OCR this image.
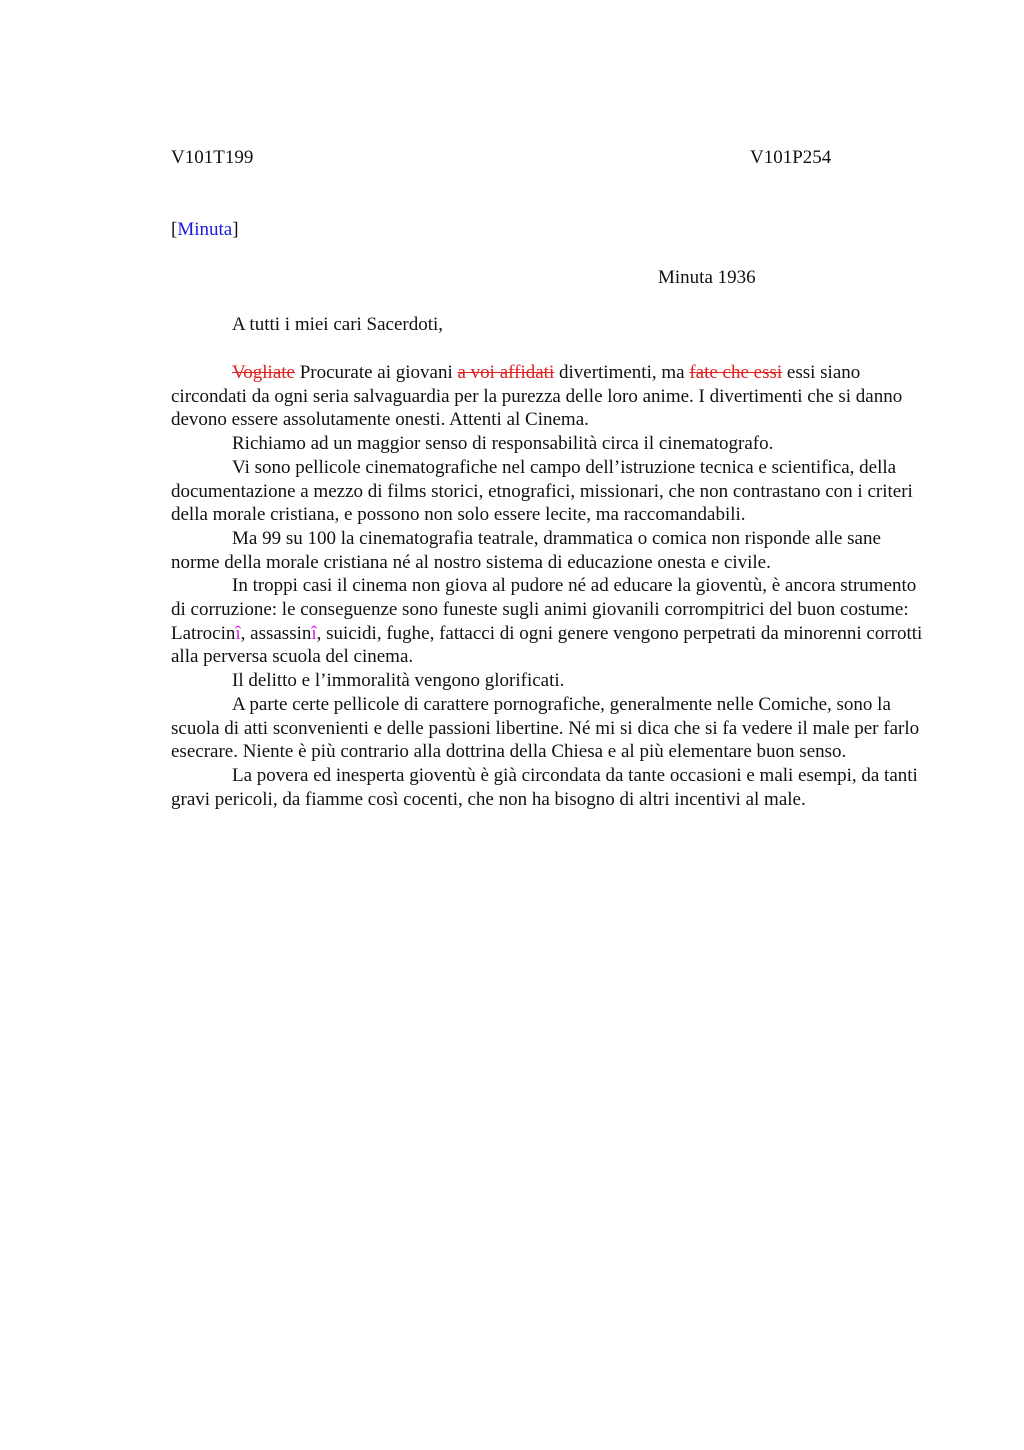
V101T199	V101P254
[Minuta]
Minuta 1936
A tutti i miei cari Sacerdoti,

Vogliate Procurate ai giovani a voi affidati divertimenti, ma fate che essi essi siano circondati da ogni seria salvaguardia per la purezza delle loro anime. I divertimenti che si danno devono essere assolutamente onesti. Attenti al Cinema.

Richiamo ad un maggior senso di responsabilità circa il cinematografo.

Vi sono pellicole cinematografiche nel campo dell’istruzione tecnica e scientifica, della documentazione a mezzo di films storici, etnografici, missionari, che non contrastano con i criteri della morale cristiana, e possono non solo essere lecite, ma raccomandabili.

Ma 99 su 100 la cinematografia teatrale, drammatica o comica non risponde alle sane norme della morale cristiana né al nostro sistema di educazione onesta e civile.

In troppi casi il cinema non giova al pudore né ad educare la gioventù, è ancora strumento di corruzione: le conseguenze sono funeste sugli animi giovanili corrompitrici del buon costume: Latrocinî, assassinî, suicidi, fughe, fattacci di ogni genere vengono perpetrati da minorenni corrotti alla perversa scuola del cinema.

Il delitto e l’immoralità vengono glorificati.

A parte certe pellicole di carattere pornografiche, generalmente nelle Comiche, sono la scuola di atti sconvenienti e delle passioni libertine. Né mi si dica che si fa vedere il male per farlo esecrare. Niente è più contrario alla dottrina della Chiesa e al più elementare buon senso.

La povera ed inesperta gioventù è già circondata da tante occasioni e mali esempi, da tanti gravi pericoli, da fiamme così cocenti, che non ha bisogno di altri incentivi al male.
